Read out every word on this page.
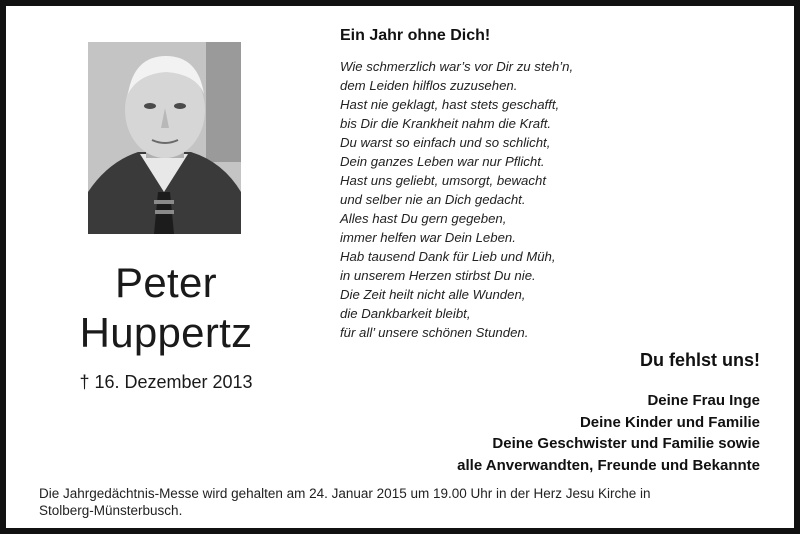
Peter
Huppertz
† 16. Dezember 2013
Ein Jahr ohne Dich!
Wie schmerzlich war’s vor Dir zu steh’n,
dem Leiden hilflos zuzusehen.
Hast nie geklagt, hast stets geschafft,
bis Dir die Krankheit nahm die Kraft.
Du warst so einfach und so schlicht,
Dein ganzes Leben war nur Pflicht.
Hast uns geliebt, umsorgt, bewacht
und selber nie an Dich gedacht.
Alles hast Du gern gegeben,
immer helfen war Dein Leben.
Hab tausend Dank für Lieb und Müh,
in unserem Herzen stirbst Du nie.
Die Zeit heilt nicht alle Wunden,
die Dankbarkeit bleibt,
für all’ unsere schönen Stunden.
Du fehlst uns!
Deine Frau Inge
Deine Kinder und Familie
Deine Geschwister und Familie sowie
alle Anverwandten, Freunde und Bekannte
Die Jahrgedächtnis-Messe wird gehalten am 24. Januar 2015 um 19.00 Uhr in der Herz Jesu Kirche in
Stolberg-Münsterbusch.
